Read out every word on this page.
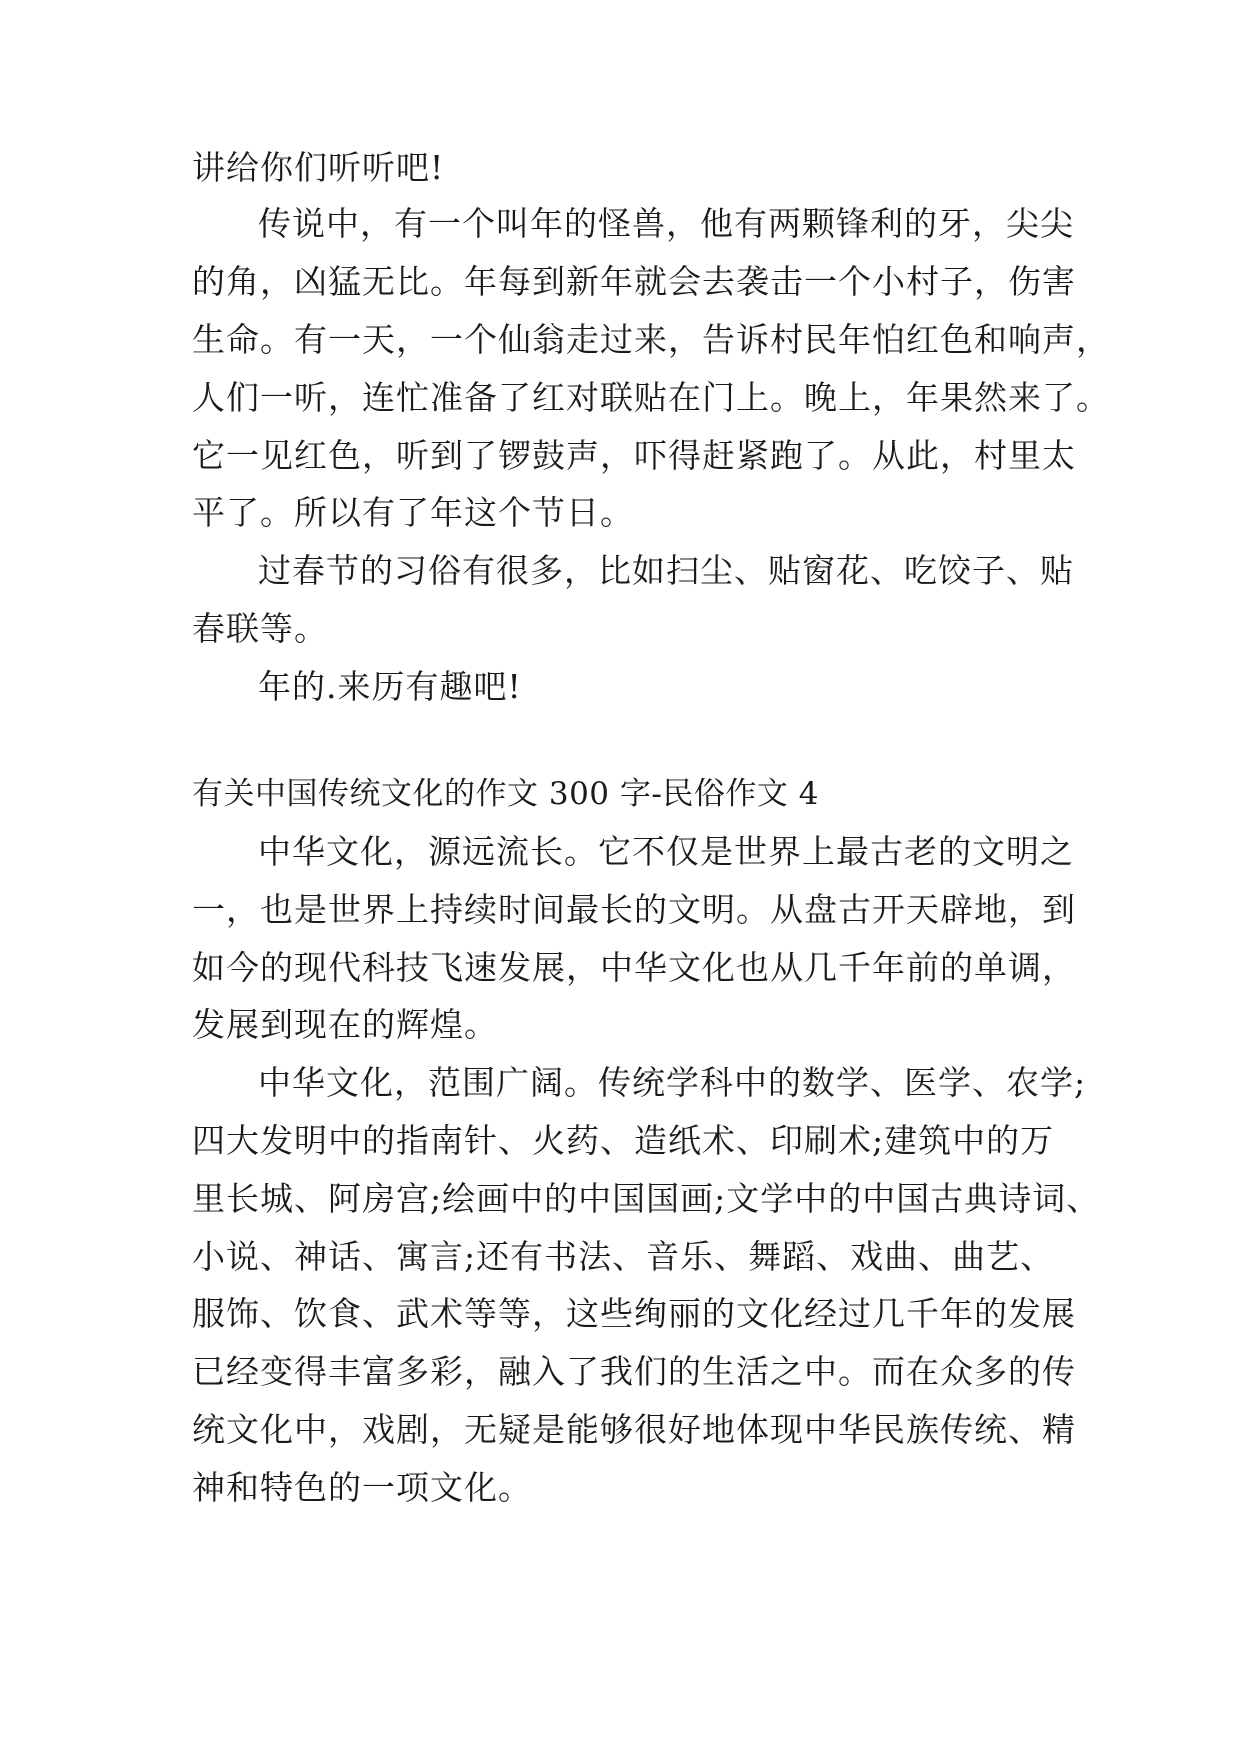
讲给你们听听吧!
传说中，有一个叫年的怪兽，他有两颗锋利的牙，尖尖
的角，凶猛无比。年每到新年就会去袭击一个小村子，伤害
生命。有一天，一个仙翁走过来，告诉村民年怕红色和响声，
人们一听，连忙准备了红对联贴在门上。晚上，年果然来了。
它一见红色，听到了锣鼓声，吓得赶紧跑了。从此，村里太
平了。所以有了年这个节日。
过春节的习俗有很多，比如扫尘、贴窗花、吃饺子、贴
春联等。
年的.来历有趣吧!
有关中国传统文化的作文 300 字-民俗作文 4
中华文化，源远流长。它不仅是世界上最古老的文明之
一，也是世界上持续时间最长的文明。从盘古开天辟地，到
如今的现代科技飞速发展，中华文化也从几千年前的单调，
发展到现在的辉煌。
中华文化，范围广阔。传统学科中的数学、医学、农学;
四大发明中的指南针、火药、造纸术、印刷术;建筑中的万
里长城、阿房宫;绘画中的中国国画;文学中的中国古典诗词、
小说、神话、寓言;还有书法、音乐、舞蹈、戏曲、曲艺、
服饰、饮食、武术等等，这些绚丽的文化经过几千年的发展
已经变得丰富多彩，融入了我们的生活之中。而在众多的传
统文化中，戏剧，无疑是能够很好地体现中华民族传统、精
神和特色的一项文化。
